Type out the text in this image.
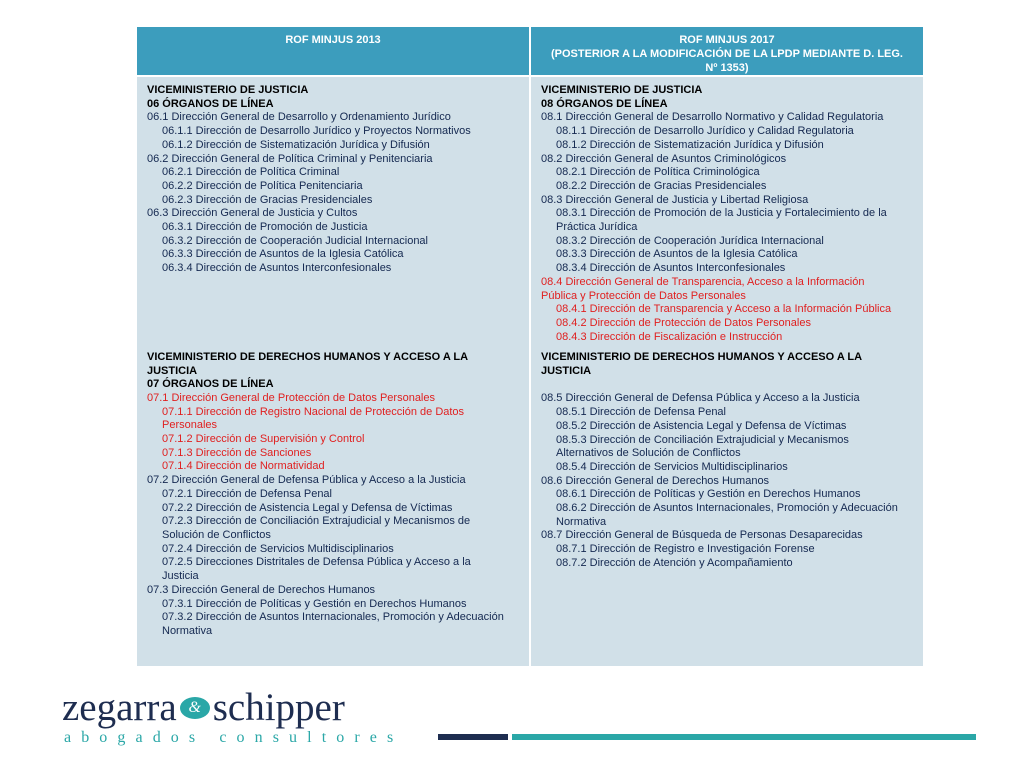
ROF MINJUS 2013
VICEMINISTERIO DE JUSTICIA
06 ÓRGANOS DE LÍNEA
06.1 Dirección General de Desarrollo y Ordenamiento Jurídico
06.1.1 Dirección de Desarrollo Jurídico y Proyectos Normativos
06.1.2 Dirección de Sistematización Jurídica y Difusión
06.2 Dirección General de Política Criminal y Penitenciaria
06.2.1 Dirección de Política Criminal
06.2.2 Dirección de Política Penitenciaria
06.2.3 Dirección de Gracias Presidenciales
06.3 Dirección General de Justicia y Cultos
06.3.1 Dirección de Promoción de Justicia
06.3.2 Dirección de Cooperación Judicial Internacional
06.3.3 Dirección de Asuntos de la Iglesia Católica
06.3.4 Dirección de Asuntos Interconfesionales
VICEMINISTERIO DE DERECHOS HUMANOS Y ACCESO A LA
JUSTICIA
07 ÓRGANOS DE LÍNEA
07.1 Dirección General de Protección de Datos Personales
07.1.1 Dirección de Registro Nacional de Protección de Datos
Personales
07.1.2 Dirección de Supervisión y Control
07.1.3 Dirección de Sanciones
07.1.4 Dirección de Normatividad
07.2 Dirección General de Defensa Pública y Acceso a la Justicia
07.2.1 Dirección de Defensa Penal
07.2.2 Dirección de Asistencia Legal y Defensa de Víctimas
07.2.3 Dirección de Conciliación Extrajudicial y Mecanismos de
Solución de Conflictos
07.2.4 Dirección de Servicios Multidisciplinarios
07.2.5 Direcciones Distritales de Defensa Pública y Acceso a la
Justicia
07.3 Dirección General de Derechos Humanos
07.3.1 Dirección de Políticas y Gestión en Derechos Humanos
07.3.2 Dirección de Asuntos Internacionales, Promoción y Adecuación
Normativa
ROF MINJUS 2017
(POSTERIOR A LA MODIFICACIÓN DE LA LPDP MEDIANTE D. LEG.
Nº 1353)
VICEMINISTERIO DE JUSTICIA
08 ÓRGANOS DE LÍNEA
08.1 Dirección General de Desarrollo Normativo y Calidad Regulatoria
08.1.1 Dirección de Desarrollo Jurídico y Calidad Regulatoria
08.1.2 Dirección de Sistematización Jurídica y Difusión
08.2 Dirección General de Asuntos Criminológicos
08.2.1 Dirección de Política Criminológica
08.2.2 Dirección de Gracias Presidenciales
08.3 Dirección General de Justicia y Libertad Religiosa
08.3.1 Dirección de Promoción de la Justicia y Fortalecimiento de la
Práctica Jurídica
08.3.2 Dirección de Cooperación Jurídica Internacional
08.3.3 Dirección de Asuntos de la Iglesia Católica
08.3.4 Dirección de Asuntos Interconfesionales
08.4 Dirección General de Transparencia, Acceso a la Información
Pública y Protección de Datos Personales
08.4.1 Dirección de Transparencia y Acceso a la Información Pública
08.4.2 Dirección de Protección de Datos Personales
08.4.3 Dirección de Fiscalización e Instrucción
VICEMINISTERIO DE DERECHOS HUMANOS Y ACCESO A LA
JUSTICIA
08.5 Dirección General de Defensa Pública y Acceso a la Justicia
08.5.1 Dirección de Defensa Penal
08.5.2 Dirección de Asistencia Legal y Defensa de Víctimas
08.5.3 Dirección de Conciliación Extrajudicial y Mecanismos
Alternativos de Solución de Conflictos
08.5.4 Dirección de Servicios Multidisciplinarios
08.6 Dirección General de Derechos Humanos
08.6.1 Dirección de Políticas y Gestión en Derechos Humanos
08.6.2 Dirección de Asuntos Internacionales, Promoción y Adecuación
Normativa
08.7 Dirección General de Búsqueda de Personas Desaparecidas
08.7.1 Dirección de Registro e Investigación Forense
08.7.2 Dirección de Atención y Acompañamiento
zegarra & schipper
abogados consultores
